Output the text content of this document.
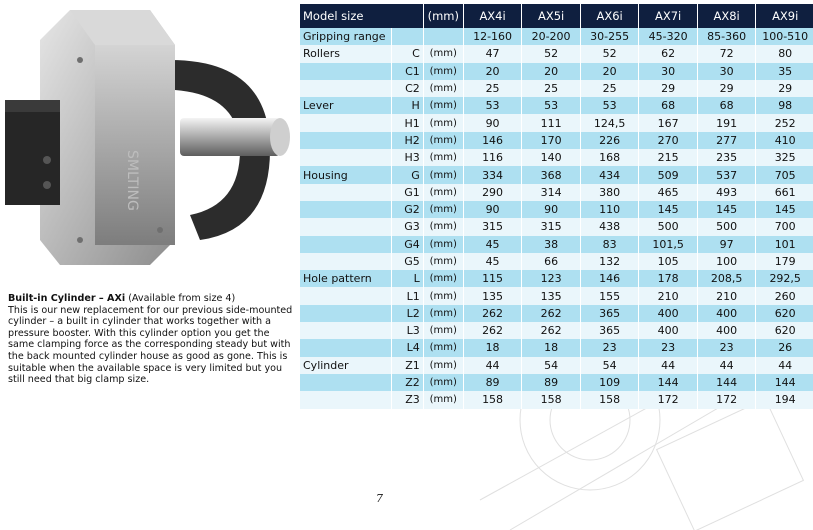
SMLTING
Model size		(mm)	AX4i	AX5i	AX6i	AX7i	AX8i	AX9i
Gripping range			12-160	20-200	30-255	45-320	85-360	100-510
Rollers	C	(mm)	47	52	52	62	72	80
	C1	(mm)	20	20	20	30	30	35
	C2	(mm)	25	25	25	29	29	29
Lever	H	(mm)	53	53	53	68	68	98
	H1	(mm)	90	111	124,5	167	191	252
	H2	(mm)	146	170	226	270	277	410
	H3	(mm)	116	140	168	215	235	325
Housing	G	(mm)	334	368	434	509	537	705
	G1	(mm)	290	314	380	465	493	661
	G2	(mm)	90	90	110	145	145	145
	G3	(mm)	315	315	438	500	500	700
	G4	(mm)	45	38	83	101,5	97	101
	G5	(mm)	45	66	132	105	100	179
Hole pattern	L	(mm)	115	123	146	178	208,5	292,5
	L1	(mm)	135	135	155	210	210	260
	L2	(mm)	262	262	365	400	400	620
	L3	(mm)	262	262	365	400	400	620
	L4	(mm)	18	18	23	23	23	26
Cylinder	Z1	(mm)	44	54	54	44	44	44
	Z2	(mm)	89	89	109	144	144	144
	Z3	(mm)	158	158	158	172	172	194
Built-in Cylinder – AXi (Available from size 4)
This is our new replacement for our previous side-mounted cylinder – a built in cylinder that works together with a pressure booster. With this cylinder option you get the same clamping force as the corresponding steady but with the back mounted cylinder house as good as gone. This is suitable when the available space is very limited but you still need that big clamp size.
7
